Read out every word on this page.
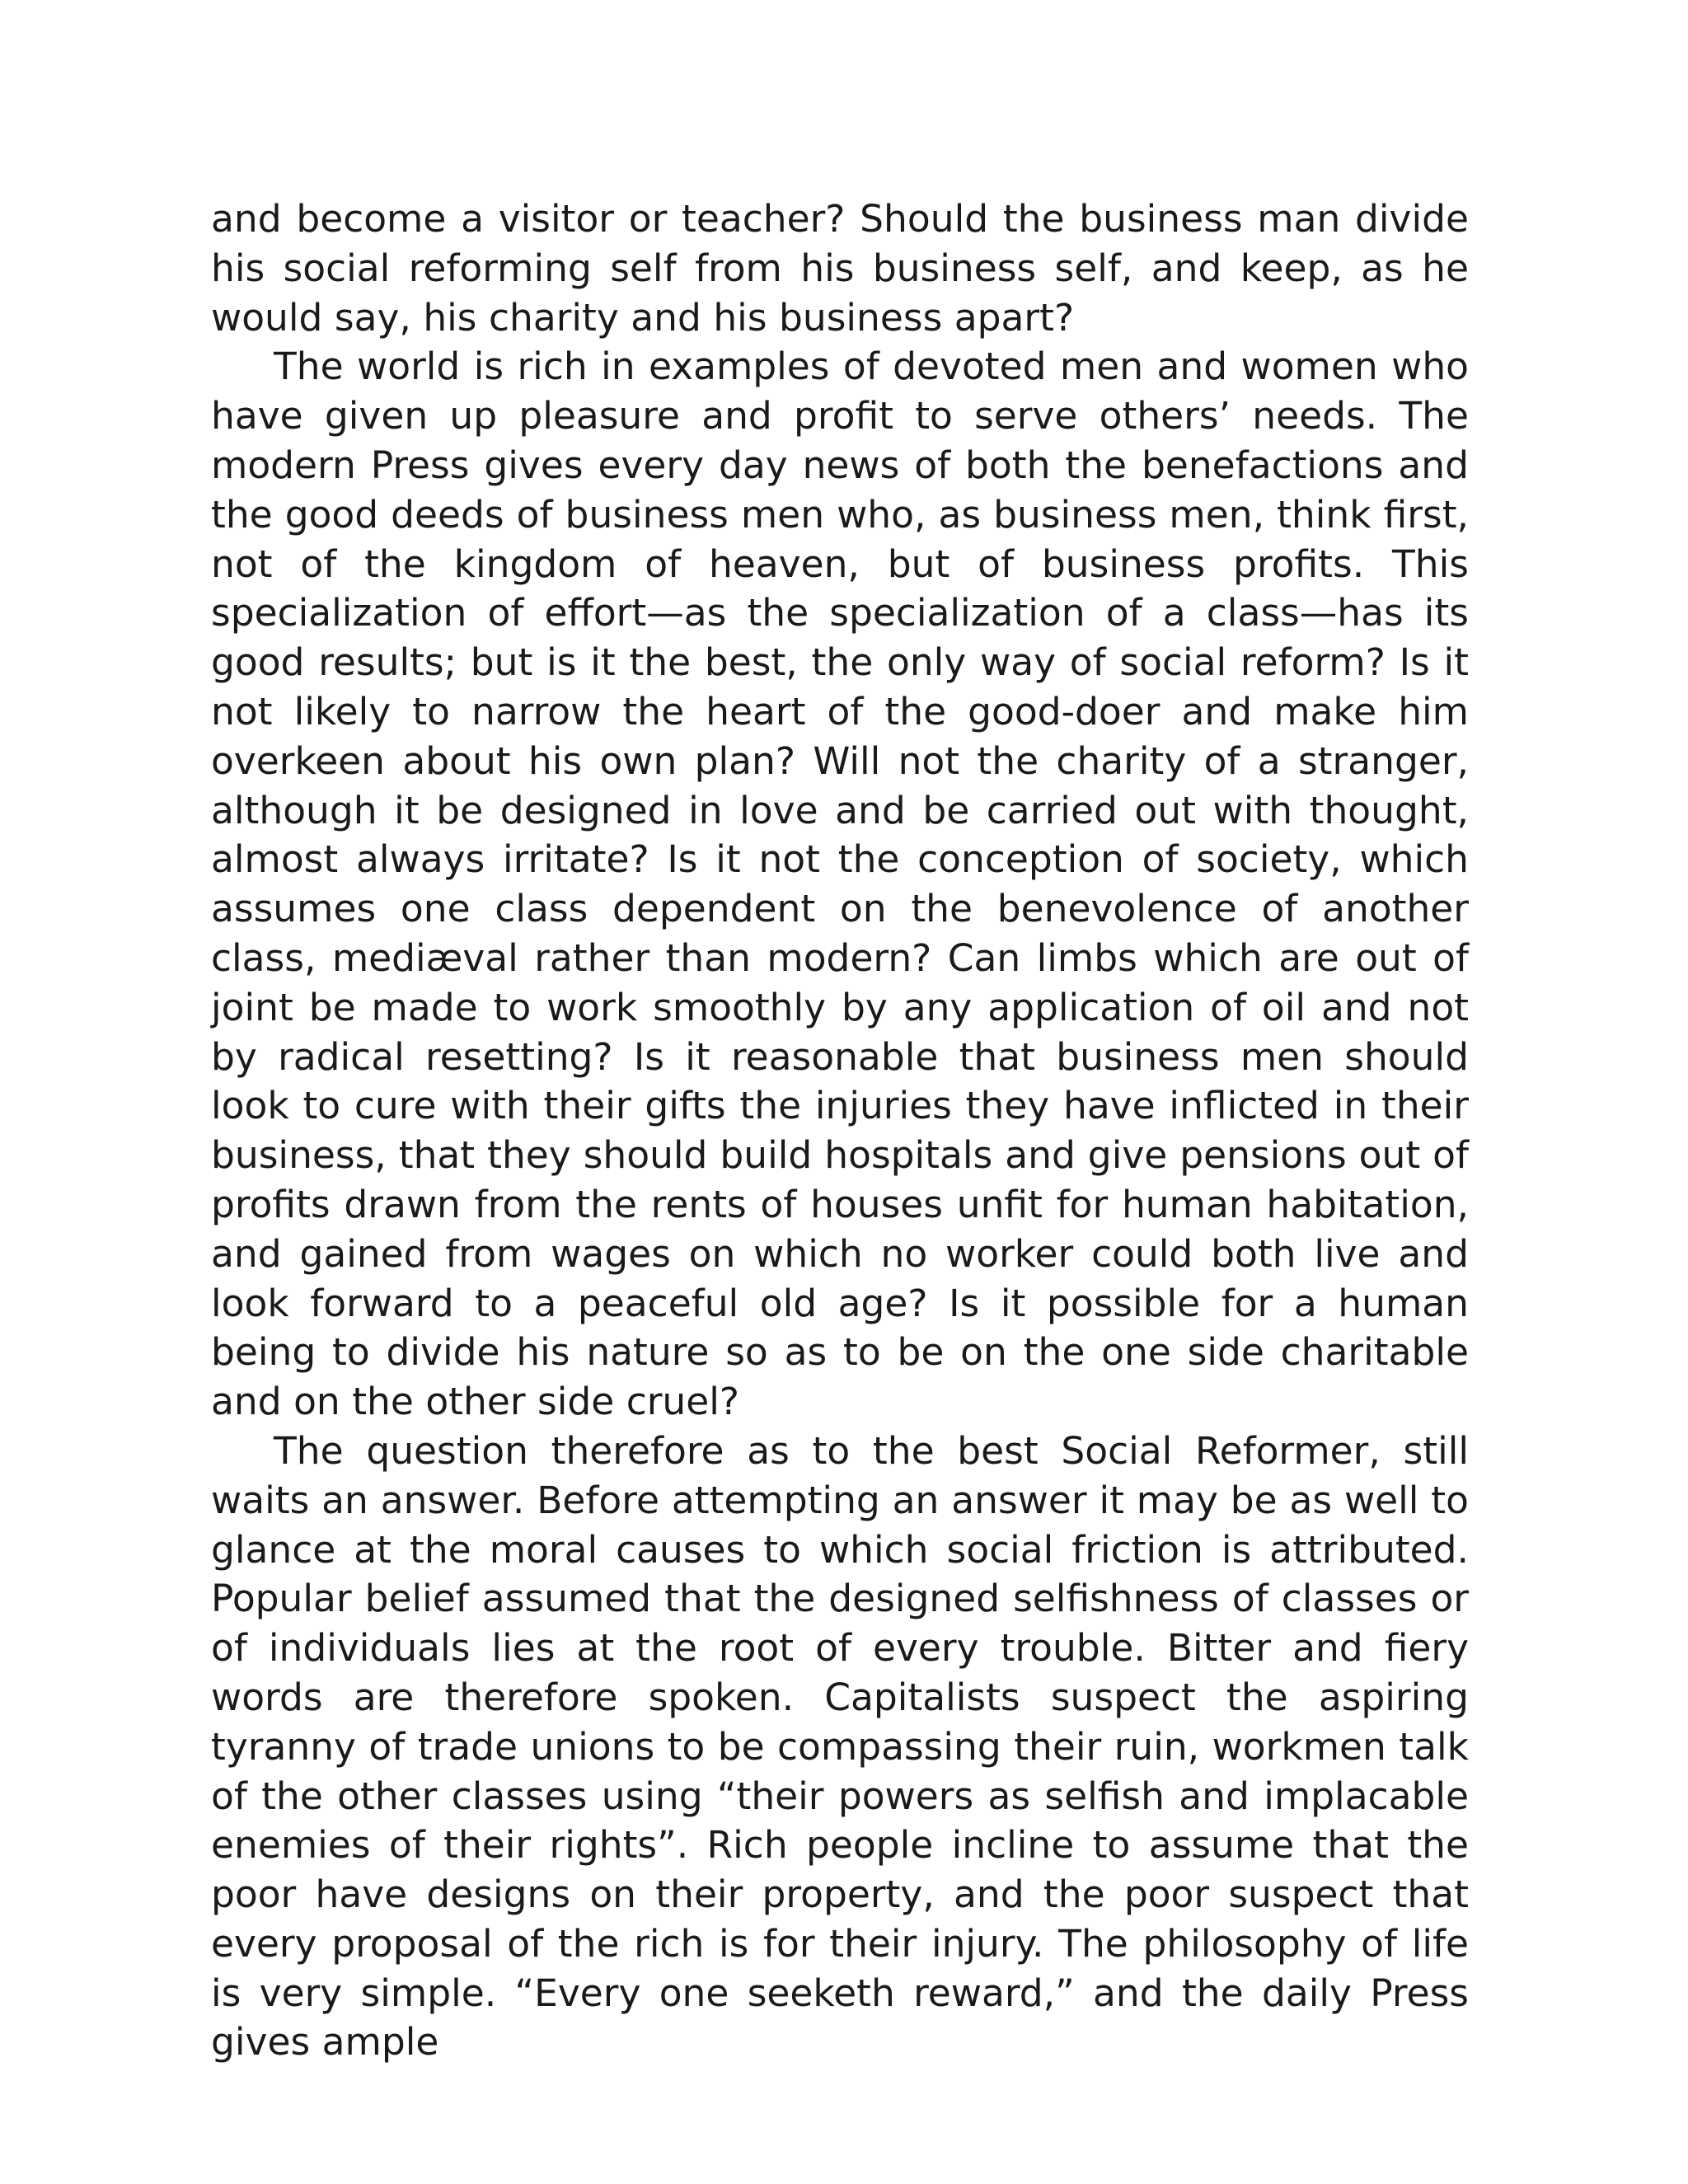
and become a visitor or teacher? Should the business man divide his social reforming self from his business self, and keep, as he would say, his charity and his business apart?

The world is rich in examples of devoted men and women who have given up pleasure and profit to serve others’ needs. The modern Press gives every day news of both the benefactions and the good deeds of business men who, as business men, think first, not of the kingdom of heaven, but of business profits. This specialization of effort—as the specialization of a class—has its good results; but is it the best, the only way of social reform? Is it not likely to narrow the heart of the good-doer and make him overkeen about his own plan? Will not the charity of a stranger, although it be designed in love and be carried out with thought, almost always irritate? Is it not the conception of society, which assumes one class dependent on the benevolence of another class, mediæval rather than modern? Can limbs which are out of joint be made to work smoothly by any application of oil and not by radical resetting? Is it reasonable that business men should look to cure with their gifts the injuries they have inflicted in their business, that they should build hospitals and give pensions out of profits drawn from the rents of houses unfit for human habitation, and gained from wages on which no worker could both live and look forward to a peaceful old age? Is it possible for a human being to divide his nature so as to be on the one side charitable and on the other side cruel?

The question therefore as to the best Social Reformer, still waits an answer. Before attempting an answer it may be as well to glance at the moral causes to which social friction is attributed. Popular belief assumed that the designed selfishness of classes or of individuals lies at the root of every trouble. Bitter and fiery words are therefore spoken. Capitalists suspect the aspiring tyranny of trade unions to be compassing their ruin, workmen talk of the other classes using “their powers as selfish and implacable enemies of their rights”. Rich people incline to assume that the poor have designs on their property, and the poor suspect that every proposal of the rich is for their injury. The philosophy of life is very simple. “Every one seeketh reward,” and the daily Press gives ample
